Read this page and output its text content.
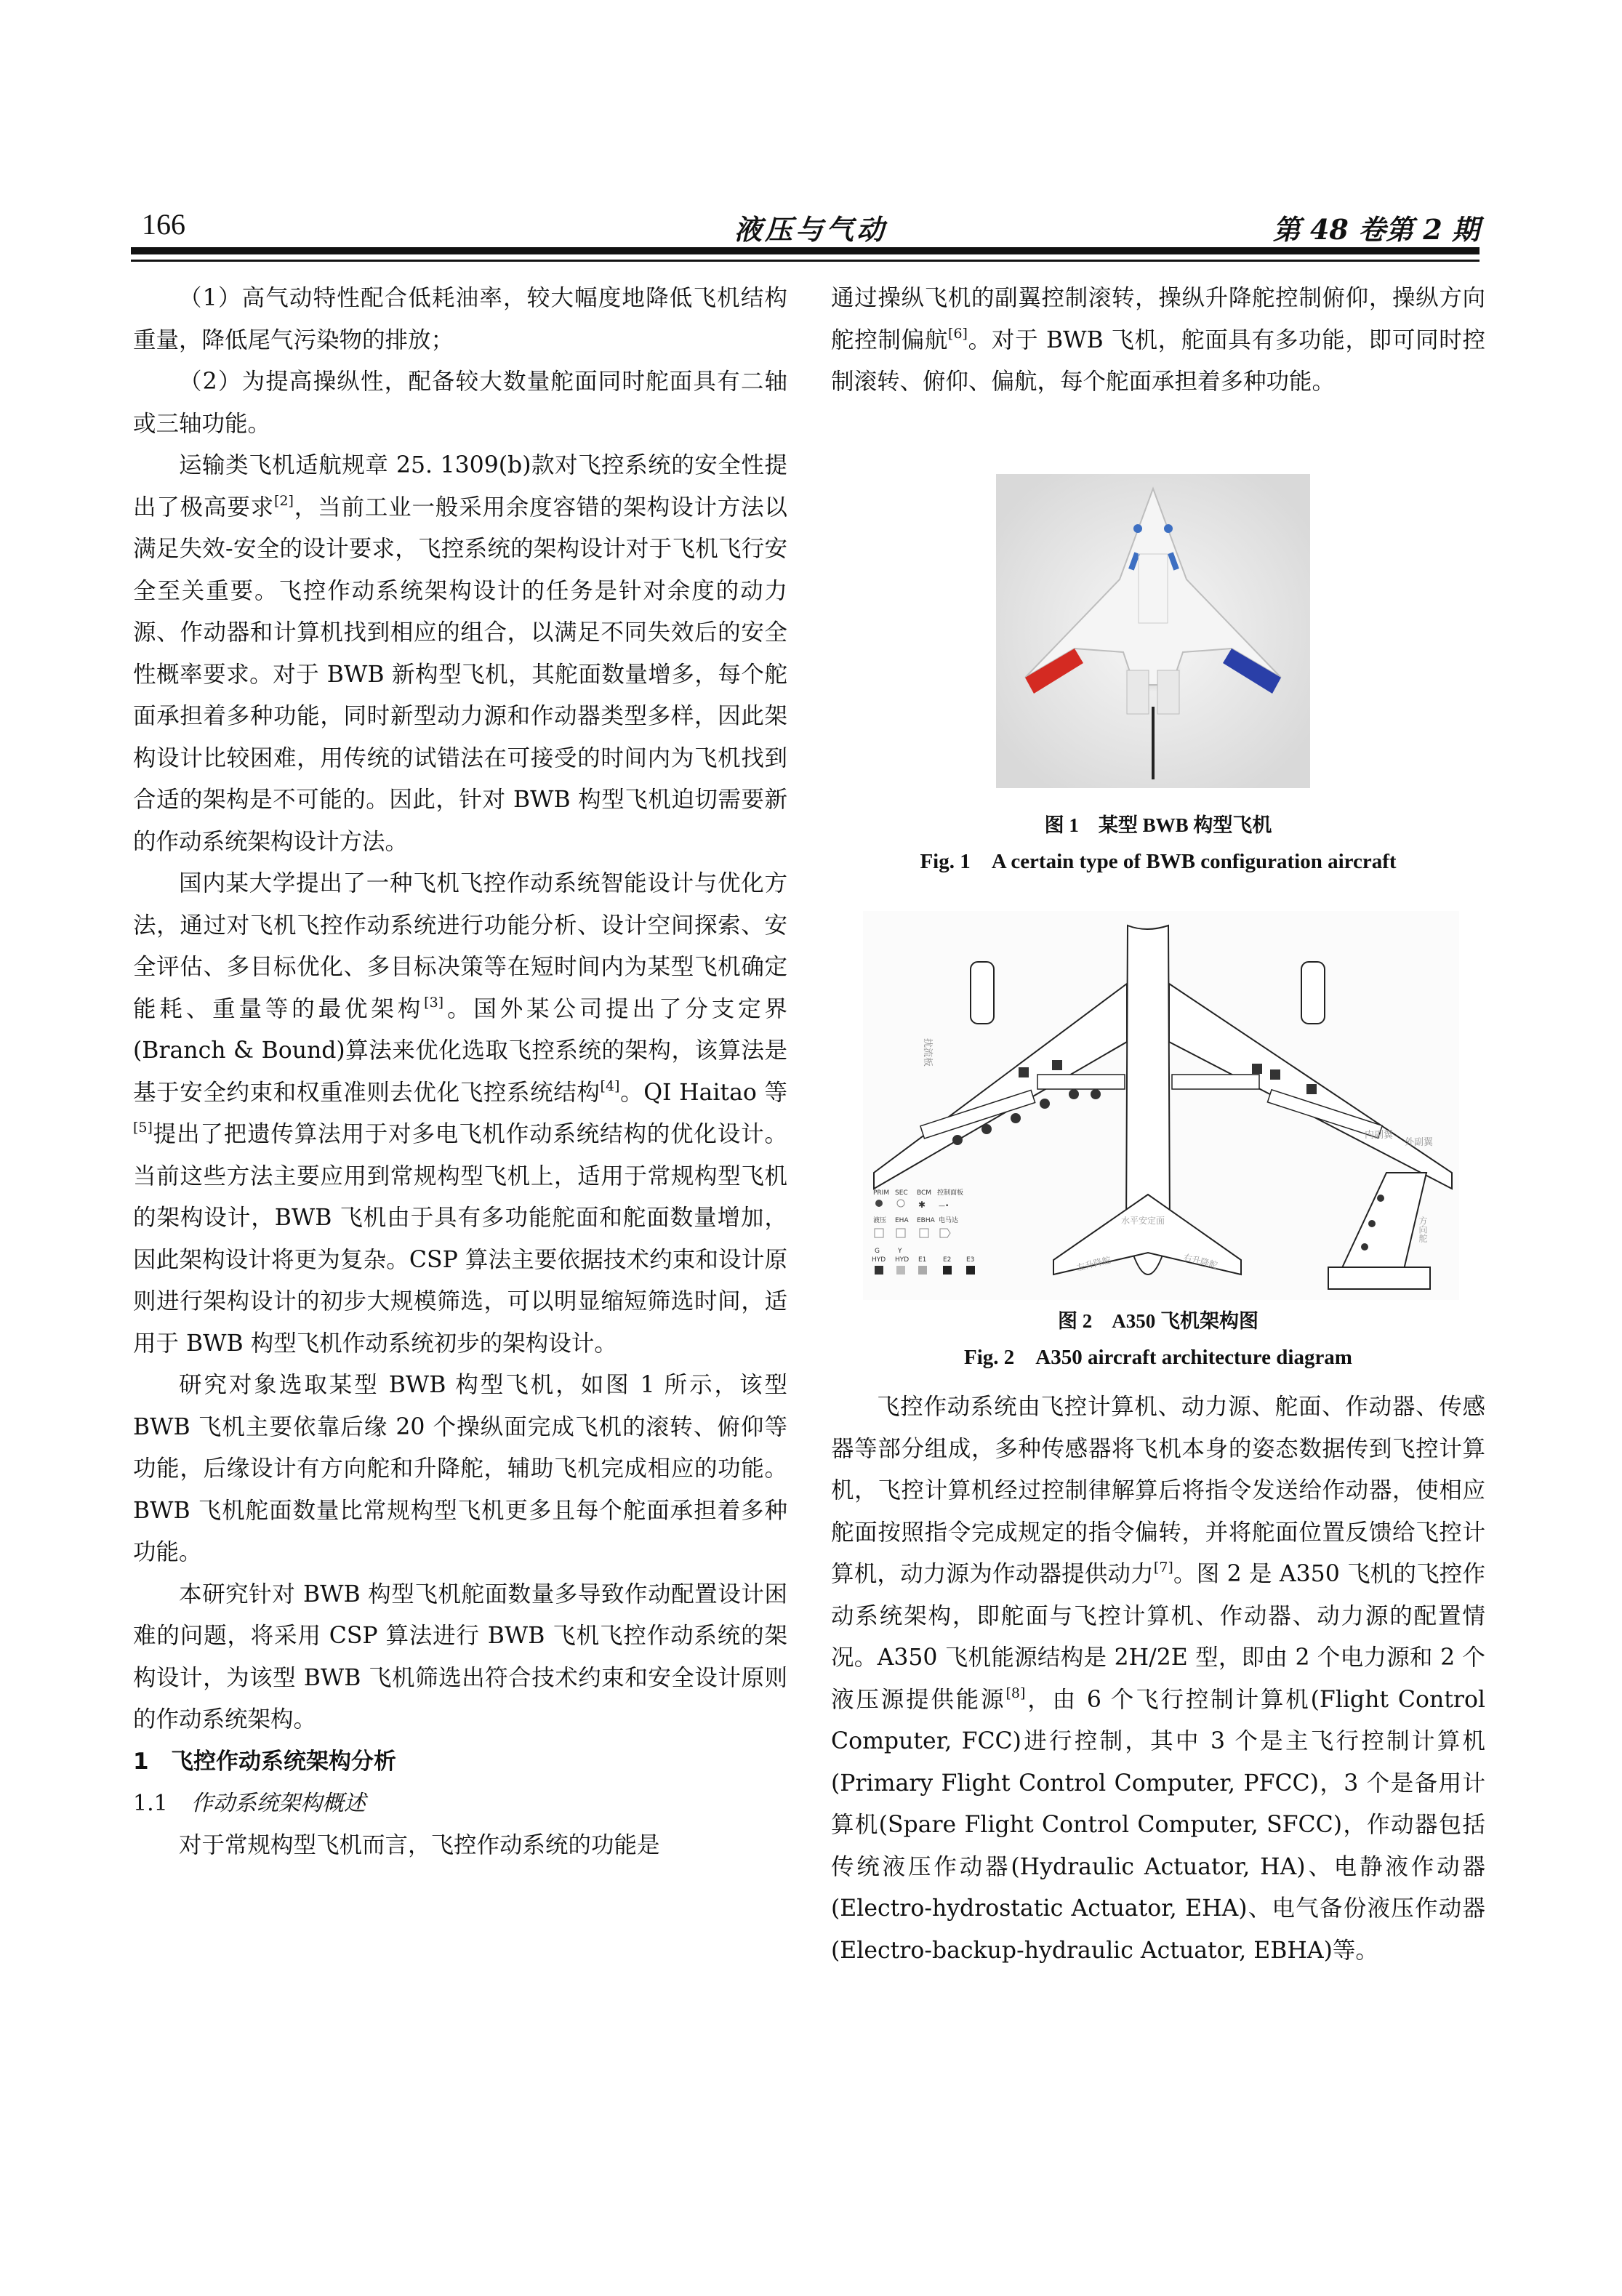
166	液压与气动	第 48 卷第 2 期

（1）高气动特性配合低耗油率，较大幅度地降低飞机结构重量，降低尾气污染物的排放；

（2）为提高操纵性，配备较大数量舵面同时舵面具有二轴或三轴功能。

运输类飞机适航规章 25. 1309(b)款对飞控系统的安全性提出了极高要求[2]，当前工业一般采用余度容错的架构设计方法以满足失效-安全的设计要求，飞控系统的架构设计对于飞机飞行安全至关重要。飞控作动系统架构设计的任务是针对余度的动力源、作动器和计算机找到相应的组合，以满足不同失效后的安全性概率要求。对于 BWB 新构型飞机，其舵面数量增多，每个舵面承担着多种功能，同时新型动力源和作动器类型多样，因此架构设计比较困难，用传统的试错法在可接受的时间内为飞机找到合适的架构是不可能的。因此，针对 BWB 构型飞机迫切需要新的作动系统架构设计方法。

国内某大学提出了一种飞机飞控作动系统智能设计与优化方法，通过对飞机飞控作动系统进行功能分析、设计空间探索、安全评估、多目标优化、多目标决策等在短时间内为某型飞机确定能耗、重量等的最优架构[3]。国外某公司提出了分支定界(Branch & Bound)算法来优化选取飞控系统的架构，该算法是基于安全约束和权重准则去优化飞控系统结构[4]。QI Haitao 等[5]提出了把遗传算法用于对多电飞机作动系统结构的优化设计。当前这些方法主要应用到常规构型飞机上，适用于常规构型飞机的架构设计，BWB 飞机由于具有多功能舵面和舵面数量增加，因此架构设计将更为复杂。CSP 算法主要依据技术约束和设计原则进行架构设计的初步大规模筛选，可以明显缩短筛选时间，适用于 BWB 构型飞机作动系统初步的架构设计。

研究对象选取某型 BWB 构型飞机，如图 1 所示，该型 BWB 飞机主要依靠后缘 20 个操纵面完成飞机的滚转、俯仰等功能，后缘设计有方向舵和升降舵，辅助飞机完成相应的功能。BWB 飞机舵面数量比常规构型飞机更多且每个舵面承担着多种功能。

本研究针对 BWB 构型飞机舵面数量多导致作动配置设计困难的问题，将采用 CSP 算法进行 BWB 飞机飞控作动系统的架构设计，为该型 BWB 飞机筛选出符合技术约束和安全设计原则的作动系统架构。

1 飞控作动系统架构分析

1.1 作动系统架构概述

对于常规构型飞机而言，飞控作动系统的功能是

通过操纵飞机的副翼控制滚转，操纵升降舵控制俯仰，操纵方向舵控制偏航[6]。对于 BWB 飞机，舵面具有多功能，即可同时控制滚转、俯仰、偏航，每个舵面承担着多种功能。

图 1　某型 BWB 构型飞机
Fig. 1　A certain type of BWB configuration aircraft
扰流板
内副翼
外副翼
PRIM SEC BCM
✱
控制面板
—•
液压 EHA EBHA 电马达
G
HYD
Y
HYD E1	E2 E3
水平安定面
左升降舵	右升降舵
方向舵
图 2　A350 飞机架构图
Fig. 2　A350 aircraft architecture diagram

飞控作动系统由飞控计算机、动力源、舵面、作动器、传感器等部分组成，多种传感器将飞机本身的姿态数据传到飞控计算机，飞控计算机经过控制律解算后将指令发送给作动器，使相应舵面按照指令完成规定的指令偏转，并将舵面位置反馈给飞控计算机，动力源为作动器提供动力[7]。图 2 是 A350 飞机的飞控作动系统架构，即舵面与飞控计算机、作动器、动力源的配置情况。A350 飞机能源结构是 2H/2E 型，即由 2 个电力源和 2 个液压源提供能源[8]，由 6 个飞行控制计算机(Flight Control Computer, FCC)进行控制，其中 3 个是主飞行控制计算机(Primary Flight Control Computer, PFCC)，3 个是备用计算机(Spare Flight Control Computer, SFCC)，作动器包括传统液压作动器(Hydraulic Actuator, HA)、电静液作动器(Electro-hydrostatic Actuator, EHA)、电气备份液压作动器(Electro-backup-hydraulic Actuator, EBHA)等。
